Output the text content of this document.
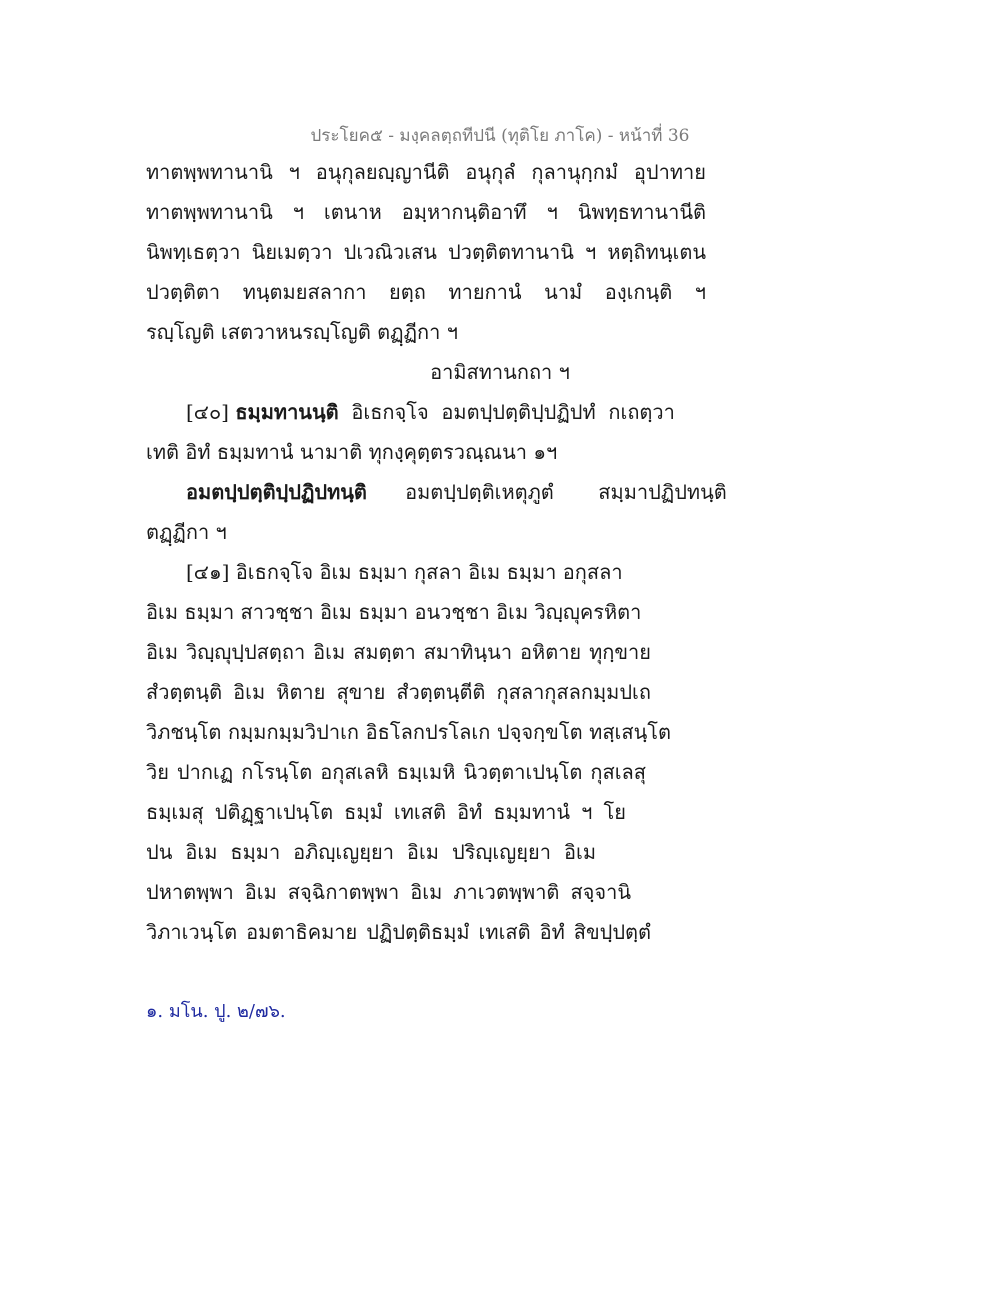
ประโยค๕ - มงฺคลตฺถทีปนี (ทุติโย ภาโค) - หน้าที่ 36
ทาตพฺพทานานิ ฯ อนุกุลยญฺญานีติ อนุกุลํ กุลานุกฺกมํ อุปาทาย
ทาตพฺพทานานิ ฯ เตนาห อมฺหากนฺติอาทึ ฯ นิพทฺธทานานีติ
นิพทฺเธตฺวา นิยเมตฺวา ปเวณิวเสน ปวตฺติตทานานิ ฯ หตฺถิทนฺเตน
ปวตฺติตา ทนฺตมยสลากา ยตฺถ ทายกานํ นามํ องฺเกนฺติ ฯ
รญฺโญติ เสตวาหนรญฺโญติ ตฏฺฏีกา ฯ
อามิสทานกถา ฯ
[๔๐] ธมฺมทานนฺติ  อิเธกจฺโจ  อมตปฺปตฺติปฺปฏิปทํ  กเถตฺวา
เทติ อิทํ ธมฺมทานํ นามาติ ทุกงฺคุตฺตรวณฺณนา ๑ฯ
อมตปฺปตฺติปฺปฏิปทนฺติ      อมตปฺปตฺติเหตุภูตํ       สมฺมาปฏิปทนฺติ
ตฏฺฏีกา ฯ
[๔๑] อิเธกจฺโจ อิเม ธมฺมา กุสลา อิเม ธมฺมา อกุสลา
อิเม ธมฺมา สาวชฺชา อิเม ธมฺมา อนวชฺชา อิเม วิญฺญุครหิตา
อิเม วิญฺญุปฺปสตฺถา อิเม สมตฺตา สมาทินฺนา อหิตาย ทุกฺขาย
สํวตฺตนฺติ อิเม หิตาย สุขาย สํวตฺตนฺตีติ กุสลากุสลกมฺมปเถ
วิภชนฺโต กมฺมกมฺมวิปาเก อิธโลกปรโลเก ปจฺจกฺขโต ทสฺเสนฺโต
วิย ปากเฏ กโรนฺโต อกุสเลหิ ธมฺเมหิ นิวตฺตาเปนฺโต กุสเลสุ
ธมฺเมสุ ปติฏฺฐาเปนฺโต ธมฺมํ เทเสติ อิทํ ธมฺมทานํ ฯ โย
ปน อิเม ธมฺมา อภิญฺเญยฺยา อิเม ปริญฺเญยฺยา อิเม
ปหาตพฺพา อิเม สจฺฉิกาตพฺพา อิเม ภาเวตพฺพาติ สจฺจานิ
วิภาเวนฺโต อมตาธิคมาย ปฏิปตฺติธมฺมํ เทเสติ อิทํ สิขปฺปตฺตํ
๑. มโน. ปู. ๒/๗๖.
